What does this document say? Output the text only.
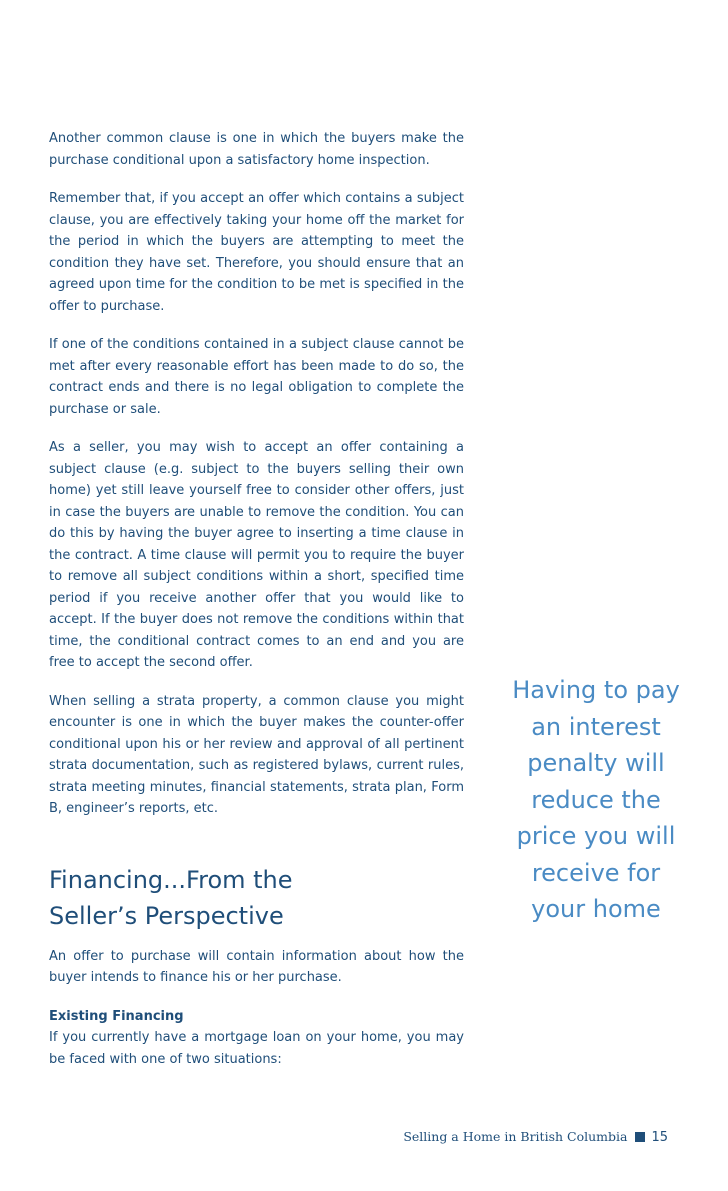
Another common clause is one in which the buyers make the purchase conditional upon a satisfactory home inspection.

Remember that, if you accept an offer which contains a subject clause, you are effectively taking your home off the market for the period in which the buyers are attempting to meet the condition they have set. Therefore, you should ensure that an agreed upon time for the condition to be met is specified in the offer to purchase.

If one of the conditions contained in a subject clause cannot be met after every reasonable effort has been made to do so, the contract ends and there is no legal obligation to complete the purchase or sale.

As a seller, you may wish to accept an offer containing a subject clause (e.g. subject to the buyers selling their own home) yet still leave yourself free to consider other offers, just in case the buyers are unable to remove the condition. You can do this by having the buyer agree to inserting a time clause in the contract. A time clause will permit you to require the buyer to remove all subject conditions within a short, specified time period if you receive another offer that you would like to accept. If the buyer does not remove the conditions within that time, the conditional contract comes to an end and you are free to accept the second offer.

When selling a strata property, a common clause you might encounter is one in which the buyer makes the counter-offer conditional upon his or her review and approval of all pertinent strata documentation, such as registered bylaws, current rules, strata meeting minutes, financial statements, strata plan, Form B, engineer’s reports, etc.

Financing...From the
Seller’s Perspective

An offer to purchase will contain information about how the buyer intends to finance his or her purchase.

Existing Financing

If you currently have a mortgage loan on your home, you may be faced with one of two situations:

Having to pay
an interest
penalty will
reduce the
price you will
receive for
your home
Selling a Home in British Columbia 15
